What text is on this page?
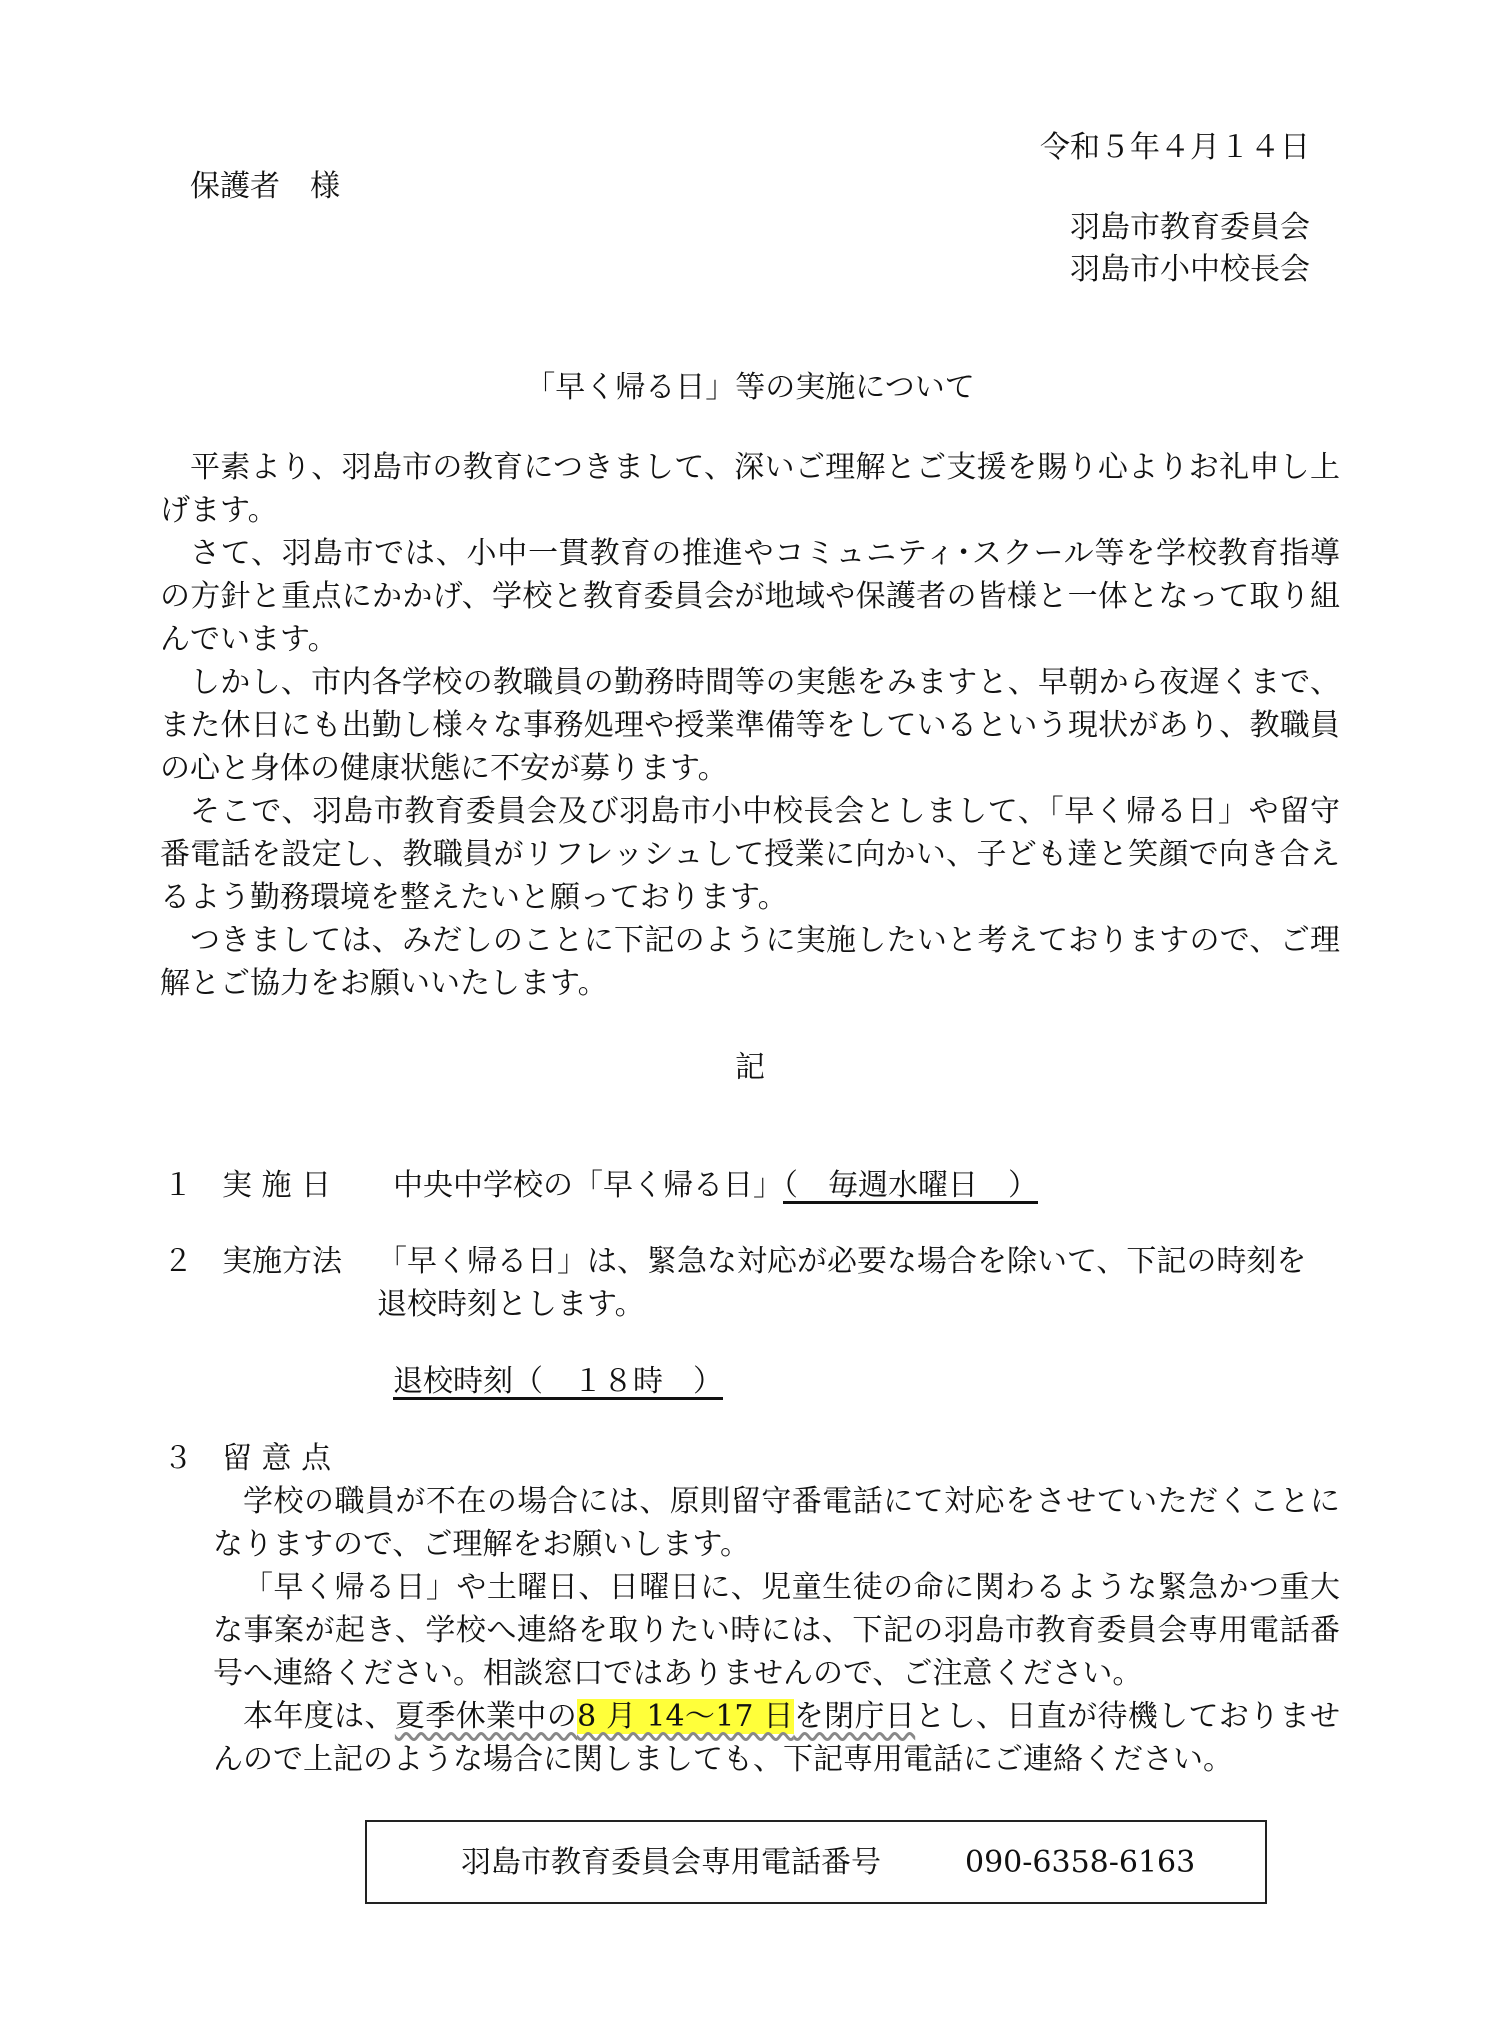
令和５年４月１４日
保護者　様
羽島市教育委員会
羽島市小中校長会
「早く帰る日」等の実施について

平素より、羽島市の教育につきまして、深いご理解とご支援を賜り心よりお礼申し上げます。

さて、羽島市では、小中一貫教育の推進やコミュニティ･スクール等を学校教育指導の方針と重点にかかげ、学校と教育委員会が地域や保護者の皆様と一体となって取り組んでいます。

しかし、市内各学校の教職員の勤務時間等の実態をみますと、早朝から夜遅くまで、また休日にも出勤し様々な事務処理や授業準備等をしているという現状があり、教職員の心と身体の健康状態に不安が募ります。

そこで、羽島市教育委員会及び羽島市小中校長会としまして、「早く帰る日」や留守番電話を設定し、教職員がリフレッシュして授業に向かい、子ども達と笑顔で向き合えるよう勤務環境を整えたいと願っております。

つきましては、みだしのことに下記のように実施したいと考えておりますので、ご理解とご協力をお願いいたします。

記
１ 実 施 日 中央中学校の「早く帰る日」（　毎週水曜日　）
２ 実施方法 「早く帰る日」は、緊急な対応が必要な場合を除いて、下記の時刻を
退校時刻とします。
退校時刻（　１８時　）
３ 留 意 点

学校の職員が不在の場合には、原則留守番電話にて対応をさせていただくことになりますので、ご理解をお願いします。

「早く帰る日」や土曜日、日曜日に、児童生徒の命に関わるような緊急かつ重大な事案が起き、学校へ連絡を取りたい時には、下記の羽島市教育委員会専用電話番号へ連絡ください。相談窓口ではありませんので、ご注意ください。

本年度は、夏季休業中の8 月 14～17 日を閉庁日とし、日直が待機しておりませんので上記のような場合に関しましても、下記専用電話にご連絡ください。

羽島市教育委員会専用電話番号	090-6358-6163
